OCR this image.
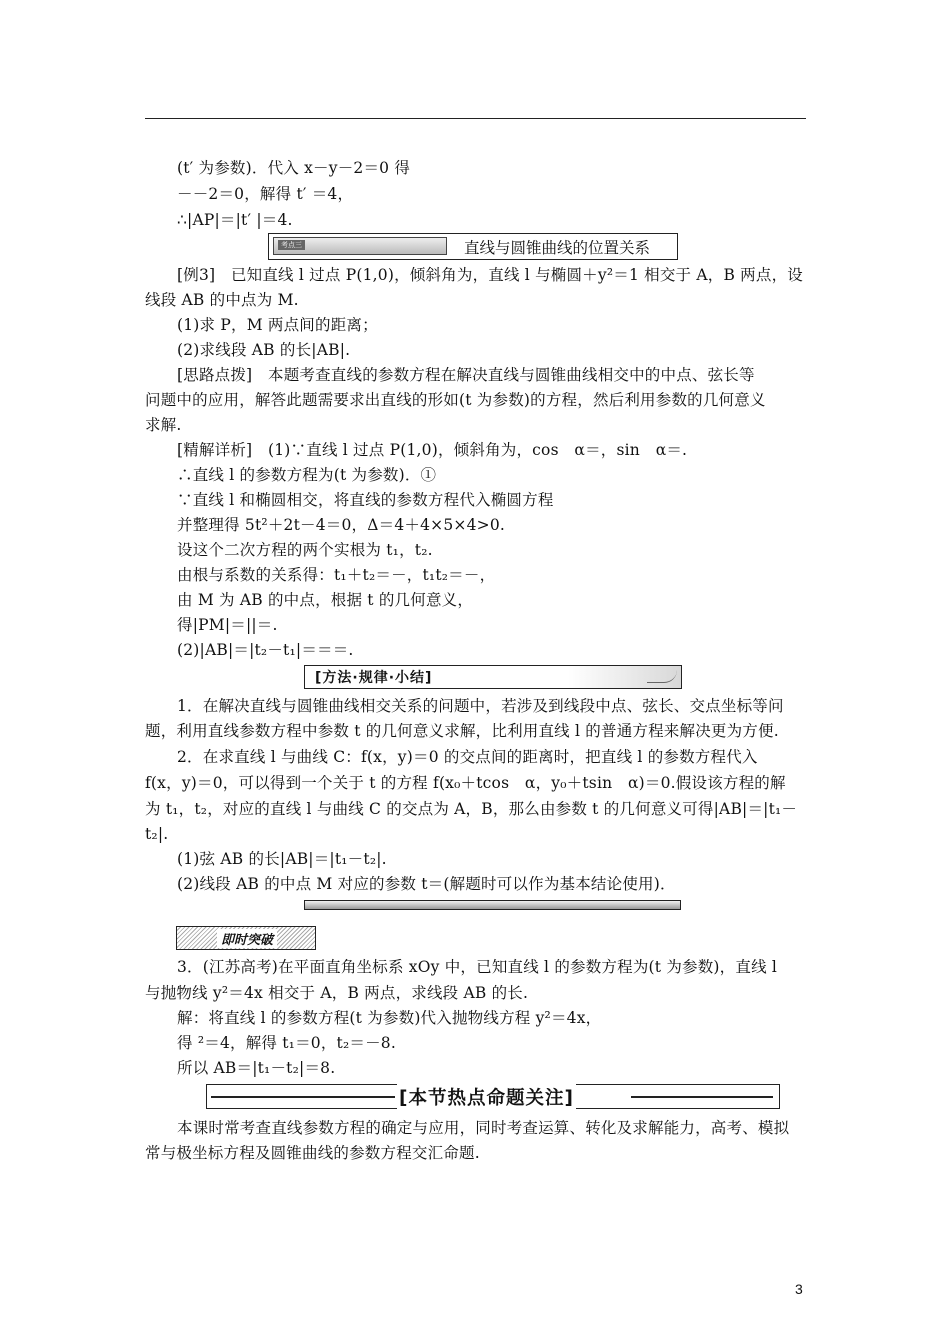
(t′ 为参数)．代入 x－y－2＝0 得
－－2＝0，解得 t′ ＝4，
∴|AP|＝|t′ |＝4.
考点三	直线与圆锥曲线的位置关系
[例3]　已知直线 l 过点 P(1,0)，倾斜角为，直线 l 与椭圆＋y²＝1 相交于 A，B 两点，设
线段 AB 的中点为 M.
(1)求 P，M 两点间的距离；
(2)求线段 AB 的长|AB|.
[思路点拨]　本题考查直线的参数方程在解决直线与圆锥曲线相交中的中点、弦长等
问题中的应用，解答此题需要求出直线的形如(t 为参数)的方程，然后利用参数的几何意义
求解.
[精解详析]　(1)∵直线 l 过点 P(1,0)，倾斜角为，cos　α＝，sin　α＝.
∴直线 l 的参数方程为(t 为参数)．①
∵直线 l 和椭圆相交，将直线的参数方程代入椭圆方程
并整理得 5t²＋2t－4＝0，Δ＝4＋4×5×4>0.
设这个二次方程的两个实根为 t₁，t₂.
由根与系数的关系得：t₁＋t₂＝－，t₁t₂＝－，
由 M 为 AB 的中点，根据 t 的几何意义，
得|PM|＝||＝.
(2)|AB|＝|t₂－t₁|＝＝＝.
[方法·规律·小结]
1．在解决直线与圆锥曲线相交关系的问题中，若涉及到线段中点、弦长、交点坐标等问
题，利用直线参数方程中参数 t 的几何意义求解，比利用直线 l 的普通方程来解决更为方便.
2．在求直线 l 与曲线 C：f(x，y)＝0 的交点间的距离时，把直线 l 的参数方程代入
f(x，y)＝0，可以得到一个关于 t 的方程 f(x₀＋tcos　α，y₀＋tsin　α)＝0.假设该方程的解
为 t₁，t₂，对应的直线 l 与曲线 C 的交点为 A，B，那么由参数 t 的几何意义可得|AB|＝|t₁－
t₂|.
(1)弦 AB 的长|AB|＝|t₁－t₂|.
(2)线段 AB 的中点 M 对应的参数 t＝(解题时可以作为基本结论使用)．
即时突破
3．(江苏高考)在平面直角坐标系 xOy 中，已知直线 l 的参数方程为(t 为参数)，直线 l
与抛物线 y²＝4x 相交于 A，B 两点，求线段 AB 的长.
解：将直线 l 的参数方程(t 为参数)代入抛物线方程 y²＝4x，
得 ²＝4，解得 t₁＝0，t₂＝－8.
所以 AB＝|t₁－t₂|＝8.
[本节热点命题关注]
本课时常考查直线参数方程的确定与应用，同时考查运算、转化及求解能力，高考、模拟
常与极坐标方程及圆锥曲线的参数方程交汇命题.
3
